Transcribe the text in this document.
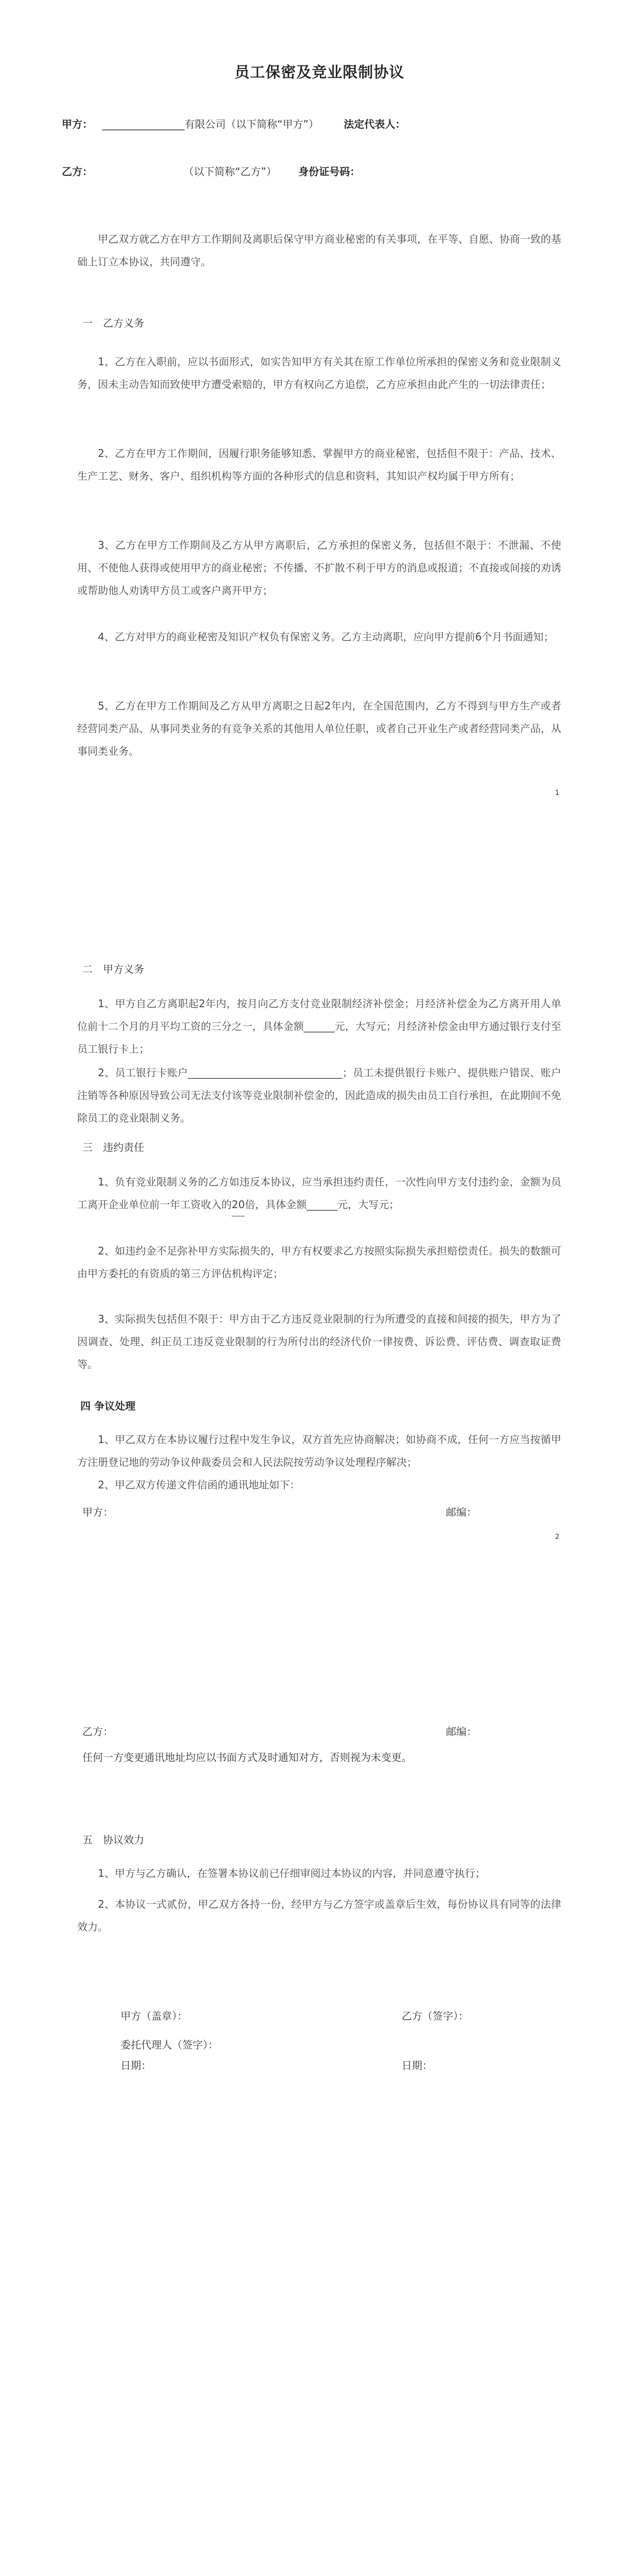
员工保密及竞业限制协议
甲方： ________________有限公司（以下简称“甲方”） 法定代表人：
乙方：	（以下简称“乙方”） 身份证号码：
甲乙双方就乙方在甲方工作期间及离职后保守甲方商业秘密的有关事项，在平等、自愿、协商一致的基础上订立本协议，共同遵守。
一　乙方义务
1、乙方在入职前，应以书面形式，如实告知甲方有关其在原工作单位所承担的保密义务和竞业限制义务，因未主动告知而致使甲方遭受索赔的，甲方有权向乙方追偿，乙方应承担由此产生的一切法律责任；
2、乙方在甲方工作期间，因履行职务能够知悉、掌握甲方的商业秘密，包括但不限于：产品、技术、生产工艺、财务、客户、组织机构等方面的各种形式的信息和资料，其知识产权均属于甲方所有；
3、乙方在甲方工作期间及乙方从甲方离职后，乙方承担的保密义务，包括但不限于：不泄漏、不使用、不使他人获得或使用甲方的商业秘密；不传播、不扩散不利于甲方的消息或报道；不直接或间接的劝诱或帮助他人劝诱甲方员工或客户离开甲方；
4、乙方对甲方的商业秘密及知识产权负有保密义务。乙方主动离职，应向甲方提前6个月书面通知；
5、乙方在甲方工作期间及乙方从甲方离职之日起2年内，在全国范围内，乙方不得到与甲方生产或者经营同类产品、从事同类业务的有竞争关系的其他用人单位任职，或者自己开业生产或者经营同类产品，从事同类业务。
1
二　甲方义务
1、甲方自乙方离职起2年内，按月向乙方支付竞业限制经济补偿金；月经济补偿金为乙方离开用人单位前十二个月的月平均工资的三分之一，具体金额______元，大写元；月经济补偿金由甲方通过银行支付至员工银行卡上；
2、员工银行卡账户______________________________；员工未提供银行卡账户、提供账户错误、账户注销等各种原因导致公司无法支付该等竞业限制补偿金的，因此造成的损失由员工自行承担，在此期间不免除员工的竞业限制义务。
三　违约责任
1、负有竞业限制义务的乙方如违反本协议，应当承担违约责任，一次性向甲方支付违约金，金额为员工离开企业单位前一年工资收入的20倍，具体金额______元，大写元；
2、如违约金不足弥补甲方实际损失的，甲方有权要求乙方按照实际损失承担赔偿责任。损失的数额可由甲方委托的有资质的第三方评估机构评定；
3、实际损失包括但不限于：甲方由于乙方违反竞业限制的行为所遭受的直接和间接的损失，甲方为了因调查、处理、纠正员工违反竞业限制的行为所付出的经济代价一律按费、诉讼费、评估费、调查取证费等。
四 争议处理
1、甲乙双方在本协议履行过程中发生争议，双方首先应协商解决；如协商不成，任何一方应当按循甲方注册登记地的劳动争议仲裁委员会和人民法院按劳动争议处理程序解决；
2、甲乙双方传递文件信函的通讯地址如下：
甲方：	邮编：
2
乙方：	邮编：
任何一方变更通讯地址均应以书面方式及时通知对方，否则视为未变更。
五　协议效力
1、甲方与乙方确认，在签署本协议前已仔细审阅过本协议的内容，并同意遵守执行；
2、本协议一式贰份，甲乙双方各持一份，经甲方与乙方签字或盖章后生效，每份协议具有同等的法律效力。
甲方（盖章）：	乙方（签字）：
委托代理人（签字）：
日期：	日期：
